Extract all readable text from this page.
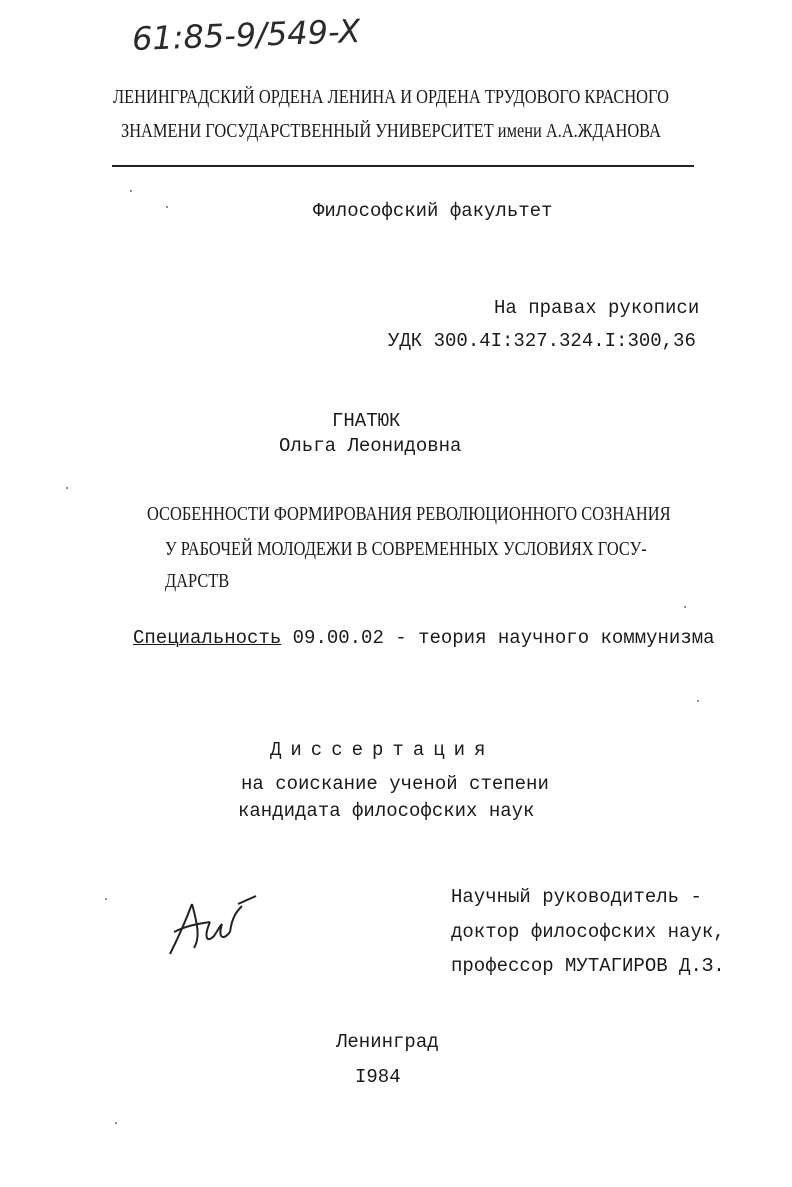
61:85-9/549-X
ЛЕНИНГРАДСКИЙ ОРДЕНА ЛЕНИНА И ОРДЕНА ТРУДОВОГО КРАСНОГО
ЗНАМЕНИ ГОСУДАРСТВЕННЫЙ УНИВЕРСИТЕТ имени А.А.ЖДАНОВА
Философский факультет
На правах рукописи
УДК 300.4I:327.324.I:300,36
ГНАТЮК
Ольга Леонидовна
ОСОБЕННОСТИ ФОРМИРОВАНИЯ РЕВОЛЮЦИОННОГО СОЗНАНИЯ
У РАБОЧЕЙ МОЛОДЕЖИ В СОВРЕМЕННЫХ УСЛОВИЯХ ГОСУ-
ДАРСТВ
Специальность 09.00.02 - теория научного коммунизма
Диссертация
на соискание ученой степени
кандидата философских наук
Научный руководитель -
доктор философских наук,
профессор МУТАГИРОВ Д.З.
Ленинград
I984
